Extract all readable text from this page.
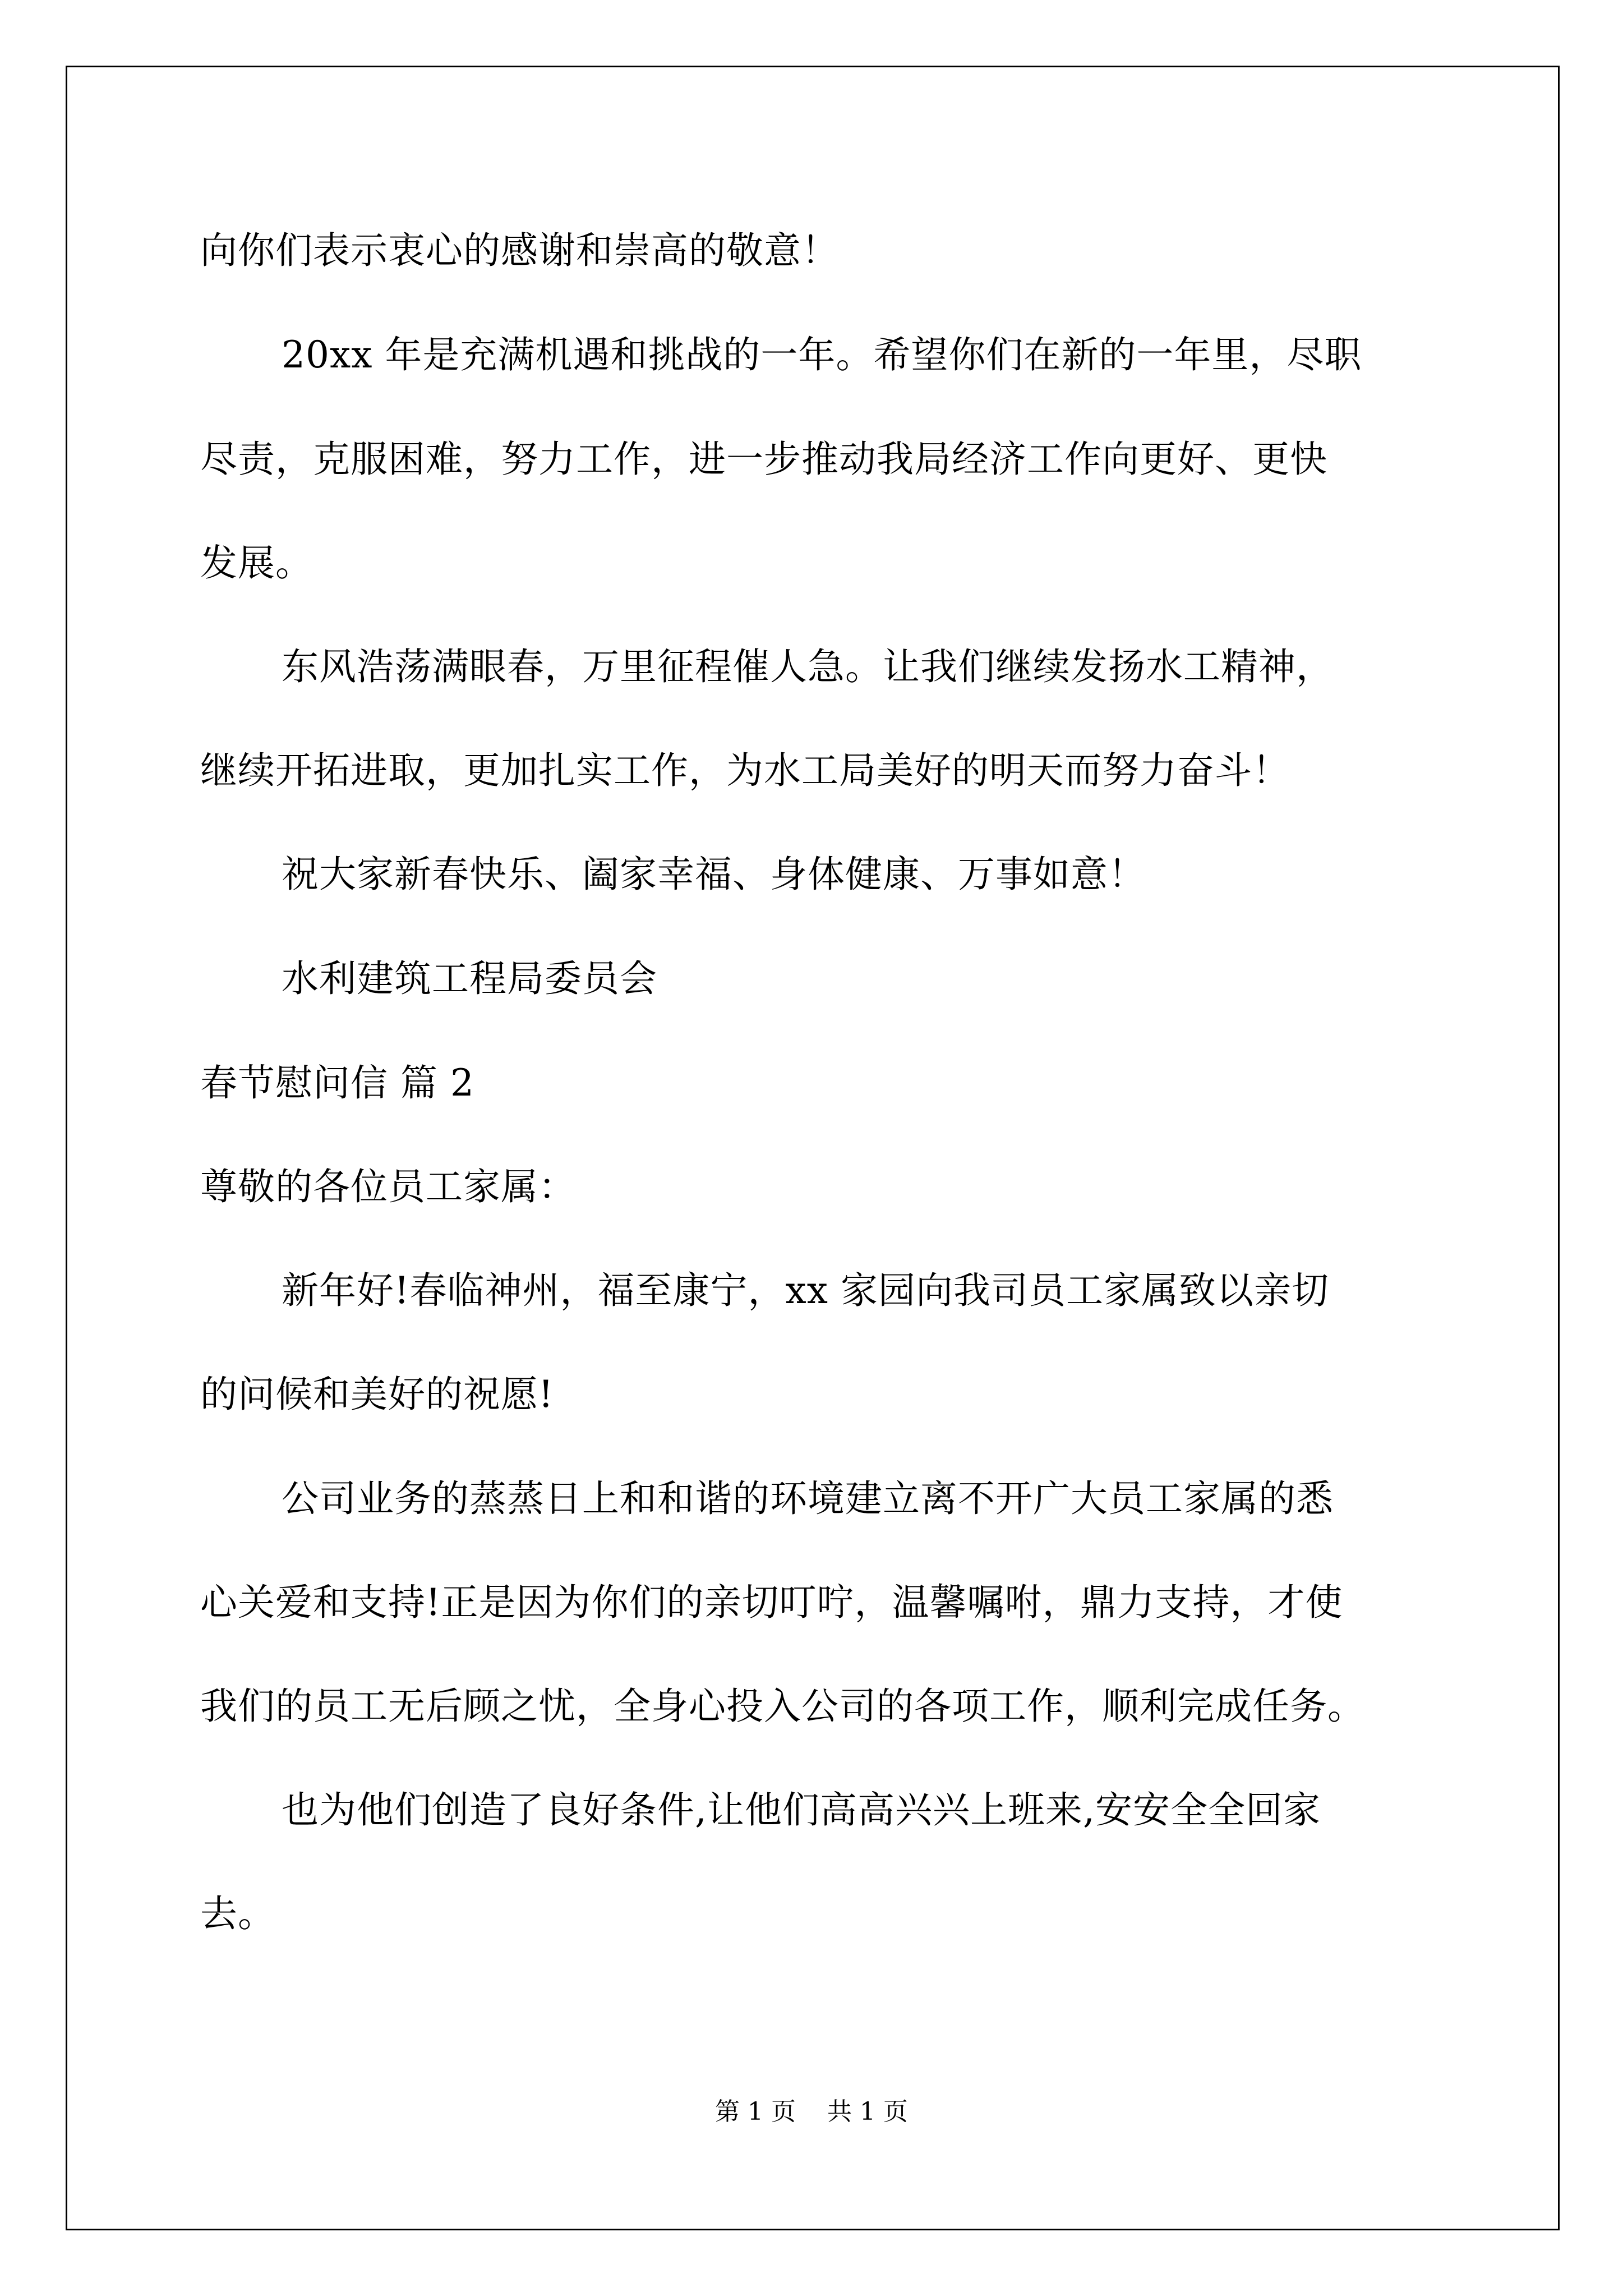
向你们表示衷心的感谢和崇高的敬意！
20xx 年是充满机遇和挑战的一年。希望你们在新的一年里，尽职
尽责，克服困难，努力工作，进一步推动我局经济工作向更好、更快
发展。
东风浩荡满眼春，万里征程催人急。让我们继续发扬水工精神，
继续开拓进取，更加扎实工作，为水工局美好的明天而努力奋斗！
祝大家新春快乐、阖家幸福、身体健康、万事如意！
水利建筑工程局委员会
春节慰问信 篇 2
尊敬的各位员工家属：
新年好!春临神州，福至康宁，xx 家园向我司员工家属致以亲切
的问候和美好的祝愿!
公司业务的蒸蒸日上和和谐的环境建立离不开广大员工家属的悉
心关爱和支持!正是因为你们的亲切叮咛，温馨嘱咐，鼎力支持，才使
我们的员工无后顾之忧，全身心投入公司的各项工作，顺利完成任务。
也为他们创造了良好条件,让他们高高兴兴上班来,安安全全回家
去。
第 1 页    共 1 页
